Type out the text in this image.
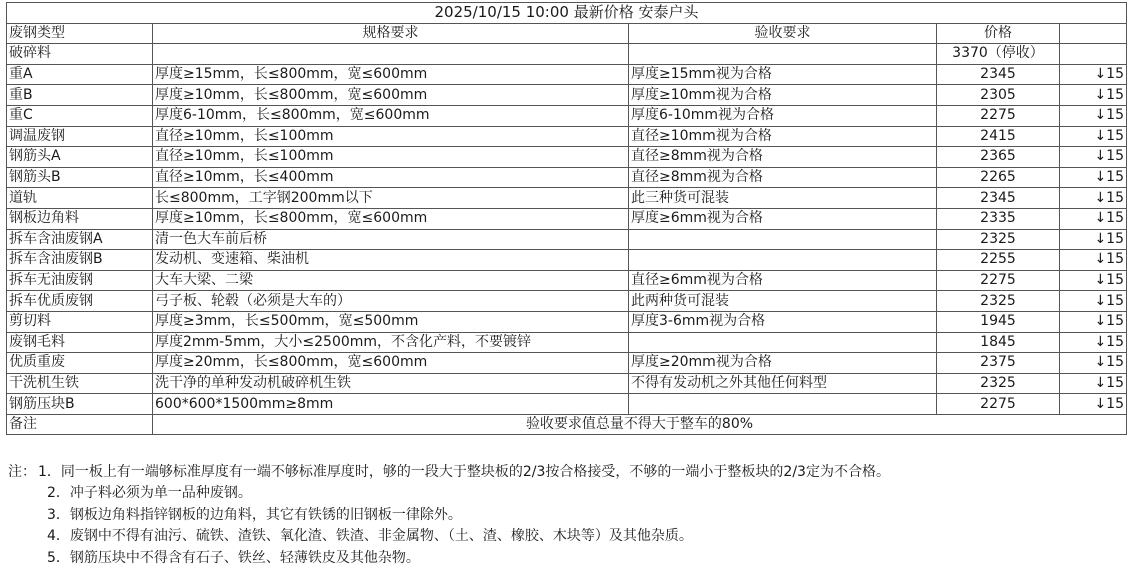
2025/10/15 10:00 最新价格 安泰户头				
废钢类型	规格要求	验收要求	价格	
破碎料			3370（停收）	
重A	厚度≥15mm，长≤800mm，宽≤600mm	厚度≥15mm视为合格	2345	↓15
重B	厚度≥10mm，长≤800mm，宽≤600mm	厚度≥10mm视为合格	2305	↓15
重C	厚度6-10mm，长≤800mm，宽≤600mm	厚度6-10mm视为合格	2275	↓15
调温废钢	直径≥10mm，长≤100mm	直径≥10mm视为合格	2415	↓15
钢筋头A	直径≥10mm，长≤100mm	直径≥8mm视为合格	2365	↓15
钢筋头B	直径≥10mm，长≤400mm	直径≥8mm视为合格	2265	↓15
道轨	长≤800mm，工字钢200mm以下	此三种货可混装	2345	↓15
钢板边角料	厚度≥10mm，长≤800mm，宽≤600mm	厚度≥6mm视为合格	2335	↓15
拆车含油废钢A	清一色大车前后桥		2325	↓15
拆车含油废钢B	发动机、变速箱、柴油机		2255	↓15
拆车无油废钢	大车大梁、二梁	直径≥6mm视为合格	2275	↓15
拆车优质废钢	弓子板、轮毂（必须是大车的）	此两种货可混装	2325	↓15
剪切料	厚度≥3mm，长≤500mm，宽≤500mm	厚度3-6mm视为合格	1945	↓15
废钢毛料	厚度2mm-5mm，大小≤2500mm，不含化产料，不要镀锌		1845	↓15
优质重废	厚度≥20mm，长≤800mm，宽≤600mm	厚度≥20mm视为合格	2375	↓15
干洗机生铁	洗干净的单种发动机破碎机生铁	不得有发动机之外其他任何料型	2325	↓15
钢筋压块B	600*600*1500mm≥8mm		2275	↓15
备注	验收要求值总量不得大于整车的80%			
注： 1．同一板上有一端够标准厚度有一端不够标准厚度时，够的一段大于整块板的2/3按合格接受，不够的一端小于整板块的2/3定为不合格。
2．冲子料必须为单一品种废钢。
3．钢板边角料指锌钢板的边角料，其它有铁锈的旧钢板一律除外。
4．废钢中不得有油污、硫铁、渣铁、氧化渣、铁渣、非金属物、（土、渣、橡胶、木块等）及其他杂质。
5．钢筋压块中不得含有石子、铁丝、轻薄铁皮及其他杂物。
